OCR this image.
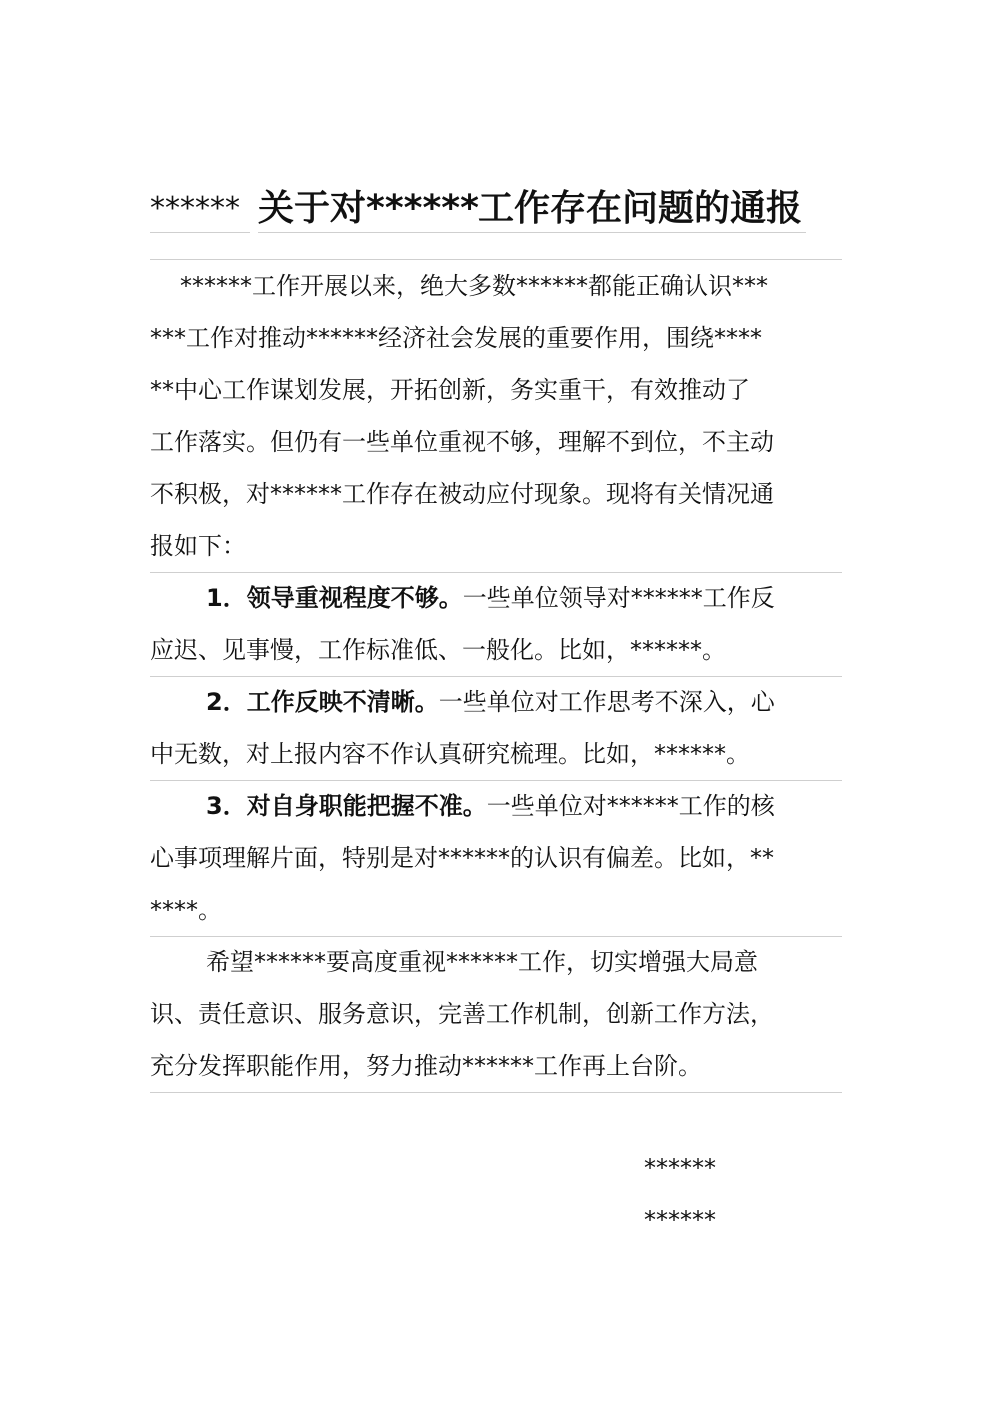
****** 关于对****** 工作存在问题的通报
******工作开展以来，绝大多数******都能正确认识***
***工作对推动******经济社会发展的重要作用，围绕****
**中心工作谋划发展，开拓创新，务实重干，有效推动了
工作落实。但仍有一些单位重视不够，理解不到位，不主动
不积极，对******工作存在被动应付现象。现将有关情况通
报如下：
1．领导重视程度不够。一些单位领导对******工作反
应迟、见事慢，工作标准低、一般化。比如，******。
2．工作反映不清晰。一些单位对工作思考不深入，心
中无数，对上报内容不作认真研究梳理。比如，******。
3．对自身职能把握不准。一些单位对******工作的核
心事项理解片面，特别是对******的认识有偏差。比如，**
****。
希望******要高度重视******工作，切实增强大局意
识、责任意识、服务意识，完善工作机制，创新工作方法，
充分发挥职能作用，努力推动******工作再上台阶。
******
******
